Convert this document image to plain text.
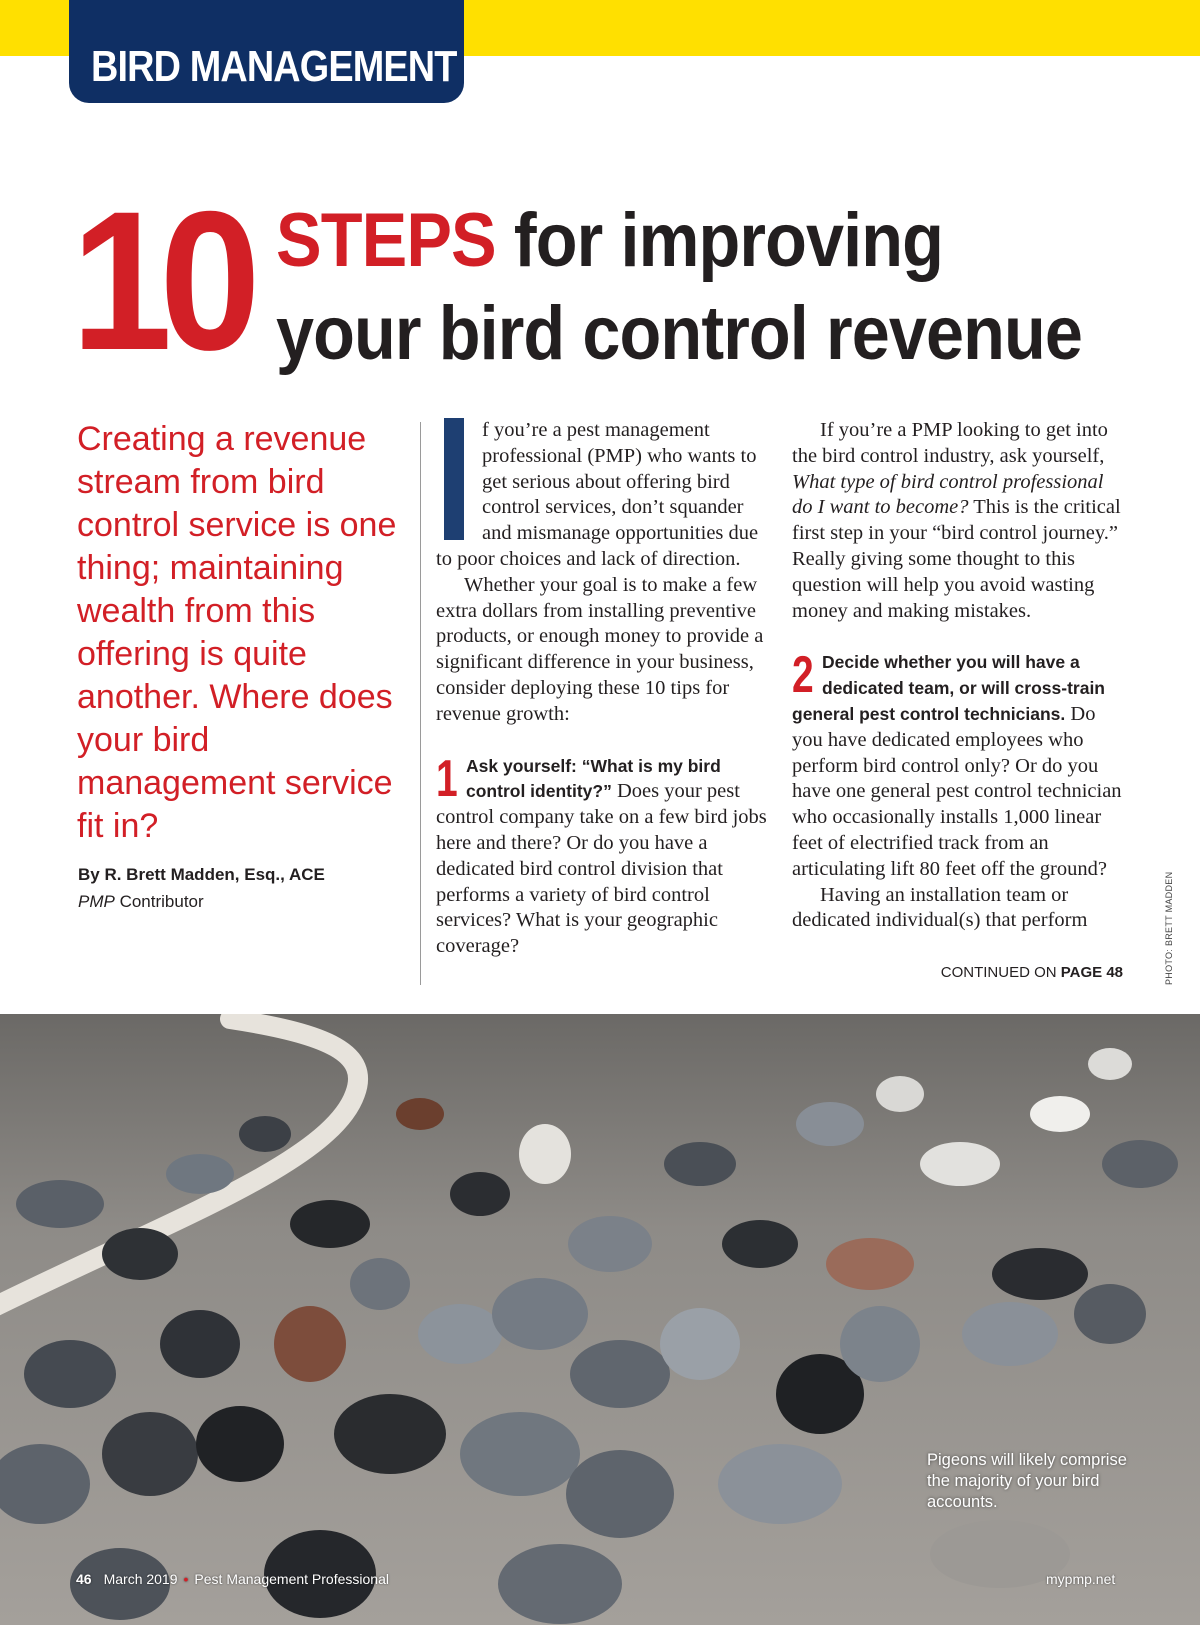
BIRD MANAGEMENT
10 STEPS for improving
your bird control revenue
Creating a revenue stream from bird control service is one thing; maintaining wealth from this offering is quite another. Where does your bird management service fit in?
By R. Brett Madden, Esq., ACE
PMP Contributor

I	f you’re a pest management professional (PMP) who wants to get serious about offering bird control services, don’t squander and mismanage opportunities due to poor choices and lack of direction.

Whether your goal is to make a few extra dollars from installing preventive products, or enough money to provide a significant difference in your business, consider deploying these 10 tips for revenue growth:

1 Ask yourself: “What is my bird control identity?” Does your pest control company take on a few bird jobs here and there? Or do you have a dedicated bird control division that performs a variety of bird control services? What is your geographic coverage?

If you’re a PMP looking to get into the bird control industry, ask yourself, What type of bird control professional do I want to become? This is the critical first step in your “bird control journey.” Really giving some thought to this question will help you avoid wasting money and making mistakes.

2 Decide whether you will have a dedicated team, or will cross-train general pest control technicians. Do you have dedicated employees who perform bird control only? Or do you have one general pest control technician who occasionally installs 1,000 linear feet of electrified track from an articulating lift 80 feet off the ground?

Having an installation team or dedicated individual(s) that perform

CONTINUED ON PAGE 48	PHOTO: BRETT MADDEN
Pigeons will likely comprise the majority of your bird accounts.
46 March 2019 • Pest Management Professional	mypmp.net
